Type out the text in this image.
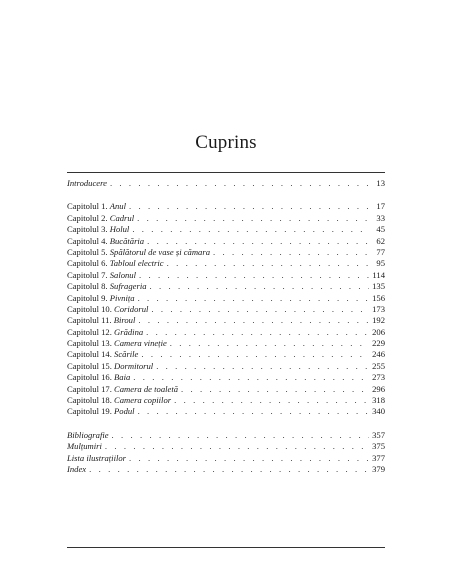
Cuprins
Introducere . . .	13
Capitolul 1. Anul . . .	17
Capitolul 2. Cadrul . . .	33
Capitolul 3. Holul . . .	45
Capitolul 4. Bucătăria . . .	62
Capitolul 5. Spălătorul de vase și cămara . . .	77
Capitolul 6. Tabloul electric . . .	95
Capitolul 7. Salonul . . .	114
Capitolul 8. Sufrageria . . .	135
Capitolul 9. Pivnița . . .	156
Capitolul 10. Coridorul . . .	173
Capitolul 11. Biroul . . .	192
Capitolul 12. Grădina . . .	206
Capitolul 13. Camera vineție . . .	229
Capitolul 14. Scările . . .	246
Capitolul 15. Dormitorul . . .	255
Capitolul 16. Baia . . .	273
Capitolul 17. Camera de toaletă . . .	296
Capitolul 18. Camera copiilor . . .	318
Capitolul 19. Podul . . .	340
Bibliografie . . .	357
Mulțumiri . . .	375
Lista ilustrațiilor . . .	377
Index . . .	379
